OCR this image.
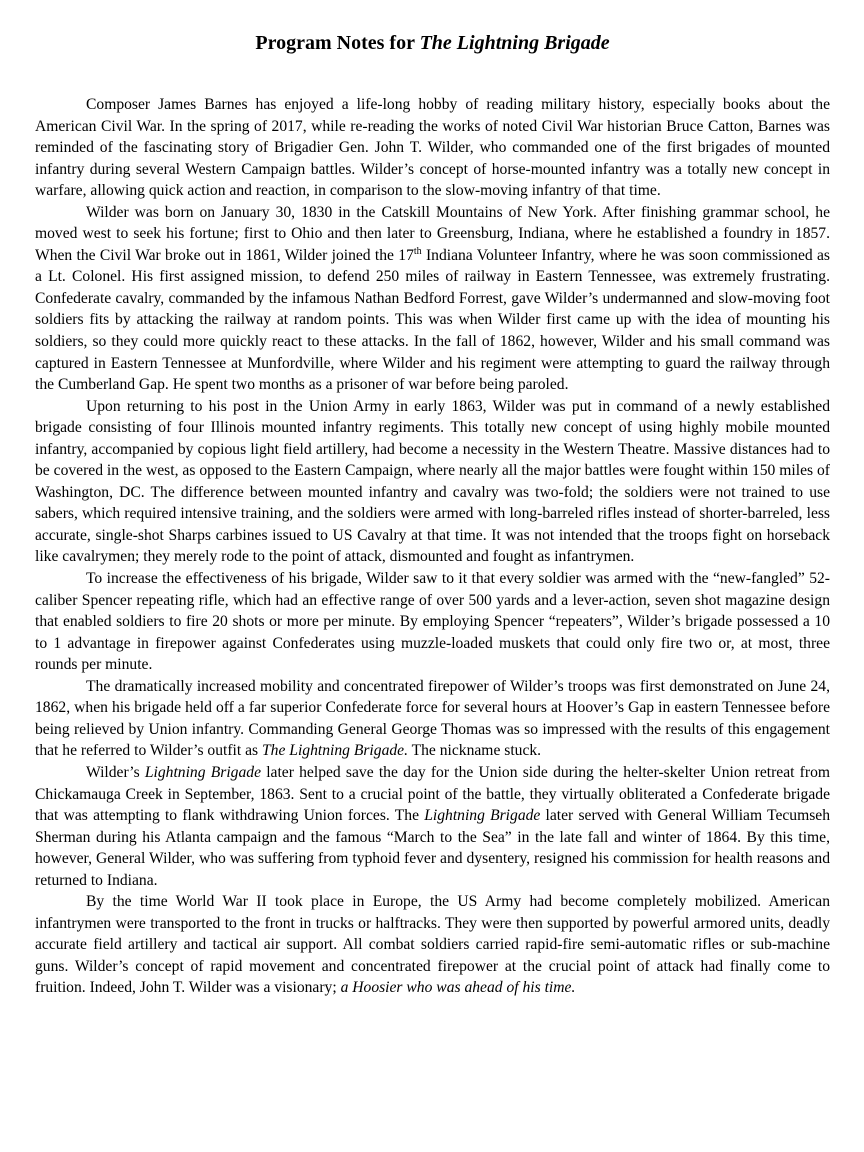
Program Notes for The Lightning Brigade

Composer James Barnes has enjoyed a life-long hobby of reading military history, especially books about the American Civil War. In the spring of 2017, while re-reading the works of noted Civil War historian Bruce Catton, Barnes was reminded of the fascinating story of Brigadier Gen. John T. Wilder, who commanded one of the first brigades of mounted infantry during several Western Campaign battles. Wilder’s concept of horse-mounted infantry was a totally new concept in warfare, allowing quick action and reaction, in comparison to the slow-moving infantry of that time.

Wilder was born on January 30, 1830 in the Catskill Mountains of New York. After finishing grammar school, he moved west to seek his fortune; first to Ohio and then later to Greensburg, Indiana, where he established a foundry in 1857. When the Civil War broke out in 1861, Wilder joined the 17th Indiana Volunteer Infantry, where he was soon commissioned as a Lt. Colonel. His first assigned mission, to defend 250 miles of railway in Eastern Tennessee, was extremely frustrating. Confederate cavalry, commanded by the infamous Nathan Bedford Forrest, gave Wilder’s undermanned and slow-moving foot soldiers fits by attacking the railway at random points. This was when Wilder first came up with the idea of mounting his soldiers, so they could more quickly react to these attacks. In the fall of 1862, however, Wilder and his small command was captured in Eastern Tennessee at Munfordville, where Wilder and his regiment were attempting to guard the railway through the Cumberland Gap. He spent two months as a prisoner of war before being paroled.

Upon returning to his post in the Union Army in early 1863, Wilder was put in command of a newly established brigade consisting of four Illinois mounted infantry regiments. This totally new concept of using highly mobile mounted infantry, accompanied by copious light field artillery, had become a necessity in the Western Theatre. Massive distances had to be covered in the west, as opposed to the Eastern Campaign, where nearly all the major battles were fought within 150 miles of Washington, DC. The difference between mounted infantry and cavalry was two-fold; the soldiers were not trained to use sabers, which required intensive training, and the soldiers were armed with long-barreled rifles instead of shorter-barreled, less accurate, single-shot Sharps carbines issued to US Cavalry at that time. It was not intended that the troops fight on horseback like cavalrymen; they merely rode to the point of attack, dismounted and fought as infantrymen.

To increase the effectiveness of his brigade, Wilder saw to it that every soldier was armed with the “new-fangled” 52-caliber Spencer repeating rifle, which had an effective range of over 500 yards and a lever-action, seven shot magazine design that enabled soldiers to fire 20 shots or more per minute. By employing Spencer “repeaters”, Wilder’s brigade possessed a 10 to 1 advantage in firepower against Confederates using muzzle-loaded muskets that could only fire two or, at most, three rounds per minute.

The dramatically increased mobility and concentrated firepower of Wilder’s troops was first demonstrated on June 24, 1862, when his brigade held off a far superior Confederate force for several hours at Hoover’s Gap in eastern Tennessee before being relieved by Union infantry. Commanding General George Thomas was so impressed with the results of this engagement that he referred to Wilder’s outfit as The Lightning Brigade. The nickname stuck.

Wilder’s Lightning Brigade later helped save the day for the Union side during the helter-skelter Union retreat from Chickamauga Creek in September, 1863. Sent to a crucial point of the battle, they virtually obliterated a Confederate brigade that was attempting to flank withdrawing Union forces. The Lightning Brigade later served with General William Tecumseh Sherman during his Atlanta campaign and the famous “March to the Sea” in the late fall and winter of 1864. By this time, however, General Wilder, who was suffering from typhoid fever and dysentery, resigned his commission for health reasons and returned to Indiana.

By the time World War II took place in Europe, the US Army had become completely mobilized. American infantrymen were transported to the front in trucks or halftracks. They were then supported by powerful armored units, deadly accurate field artillery and tactical air support. All combat soldiers carried rapid-fire semi-automatic rifles or sub-machine guns. Wilder’s concept of rapid movement and concentrated firepower at the crucial point of attack had finally come to fruition. Indeed, John T. Wilder was a visionary; a Hoosier who was ahead of his time.
